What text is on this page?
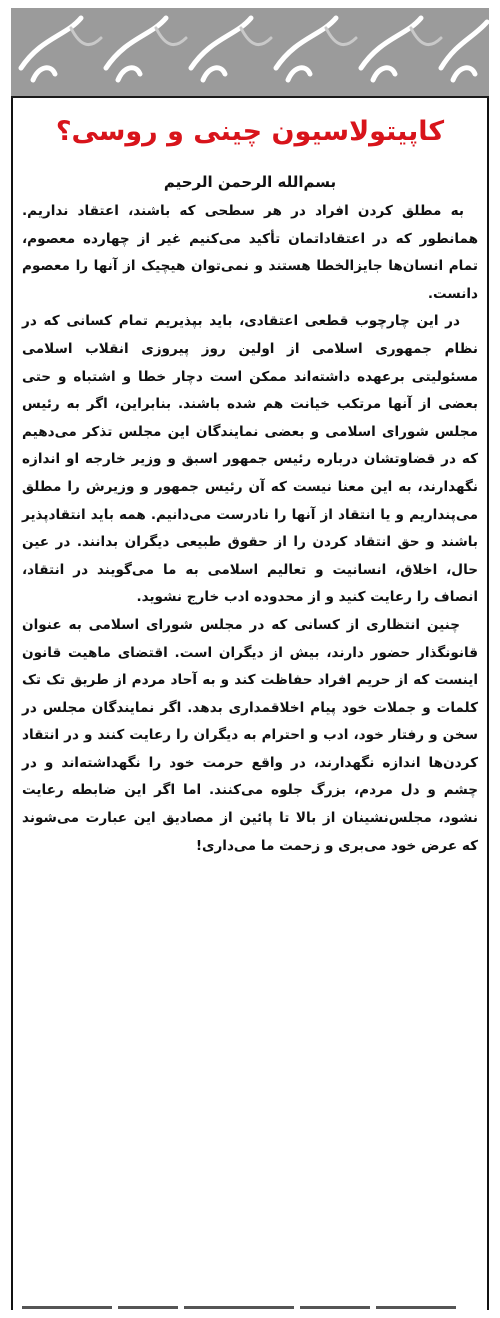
کاپیتولاسیون چینی و روسی؟
بسم‌الله الرحمن الرحیم

به مطلق کردن افراد در هر سطحی که باشند، اعتقاد نداریم. همانطور که در اعتقاداتمان تأکید می‌کنیم غیر از چهارده معصوم، تمام انسان‌ها جایزالخطا هستند و نمی‌توان هیچیک از آنها را معصوم دانست.

در این چارچوب قطعی اعتقادی، باید بپذیریم تمام کسانی که در نظام جمهوری اسلامی از اولین روز پیروزی انقلاب اسلامی مسئولیتی برعهده داشته‌اند ممکن است دچار خطا و اشتباه و حتی بعضی از آنها مرتکب خیانت هم شده باشند. بنابراین، اگر به رئیس مجلس شورای اسلامی و بعضی نمایندگان این مجلس تذکر می‌دهیم که در قضاوتشان درباره رئیس جمهور اسبق و وزیر خارجه او اندازه نگهدارند، به این معنا نیست که آن رئیس جمهور و وزیرش را مطلق می‌پنداریم و یا انتقاد از آنها را نادرست می‌دانیم. همه باید انتقادپذیر باشند و حق انتقاد کردن را از حقوق طبیعی دیگران بدانند. در عین حال، اخلاق، انسانیت و تعالیم اسلامی به ما می‌گویند در انتقاد، انصاف را رعایت کنید و از محدوده ادب خارج نشوید.

چنین انتظاری از کسانی که در مجلس شورای اسلامی به عنوان قانونگذار حضور دارند، بیش از دیگران است. اقتضای ماهیت قانون اینست که از حریم افراد حفاظت کند و به آحاد مردم از طریق تک تک کلمات و جملات خود پیام اخلاقمداری بدهد. اگر نمایندگان مجلس در سخن و رفتار خود، ادب و احترام به دیگران را رعایت کنند و در انتقاد کردن‌ها اندازه نگهدارند، در واقع حرمت خود را نگهداشته‌اند و در چشم و دل مردم، بزرگ جلوه می‌کنند. اما اگر این ضابطه رعایت نشود، مجلس‌نشینان از بالا تا پائین از مصادیق این عبارت می‌شوند که عرض خود می‌بری و زحمت ما می‌داری!
